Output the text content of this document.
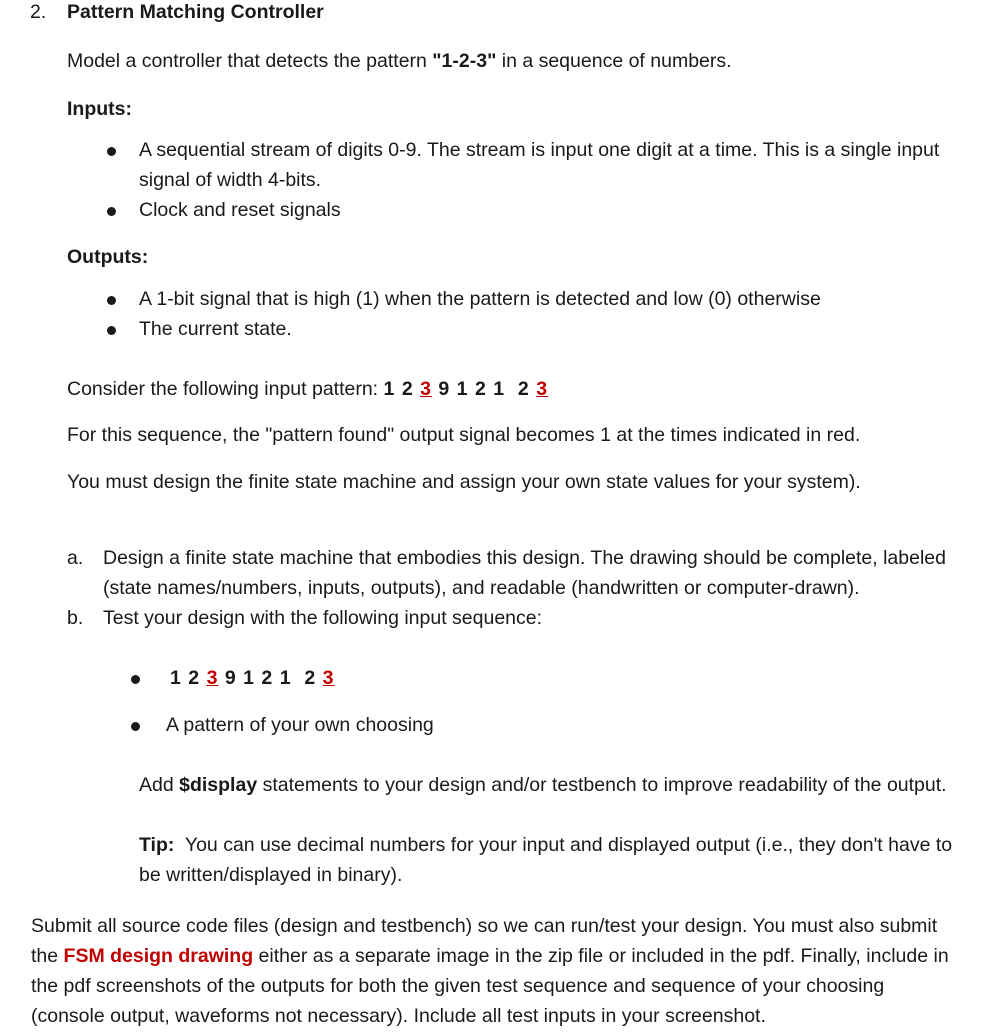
2. Pattern Matching Controller
Model a controller that detects the pattern "1-2-3" in a sequence of numbers.
Inputs:
A sequential stream of digits 0-9. The stream is input one digit at a time. This is a single input
signal of width 4-bits.
Clock and reset signals
Outputs:
A 1-bit signal that is high (1) when the pattern is detected and low (0) otherwise
The current state.
Consider the following input pattern: 1 2 3 9 1 2 1 2 3
For this sequence, the "pattern found" output signal becomes 1 at the times indicated in red.
You must design the finite state machine and assign your own state values for your system).
a. Design a finite state machine that embodies this design. The drawing should be complete, labeled
(state names/numbers, inputs, outputs), and readable (handwritten or computer-drawn).
b. Test your design with the following input sequence:
1 2 3 9 1 2 1 2 3
A pattern of your own choosing
Add $display statements to your design and/or testbench to improve readability of the output.
Tip:  You can use decimal numbers for your input and displayed output (i.e., they don't have to
be written/displayed in binary).
Submit all source code files (design and testbench) so we can run/test your design. You must also submit
the FSM design drawing either as a separate image in the zip file or included in the pdf. Finally, include in
the pdf screenshots of the outputs for both the given test sequence and sequence of your choosing
(console output, waveforms not necessary). Include all test inputs in your screenshot.
